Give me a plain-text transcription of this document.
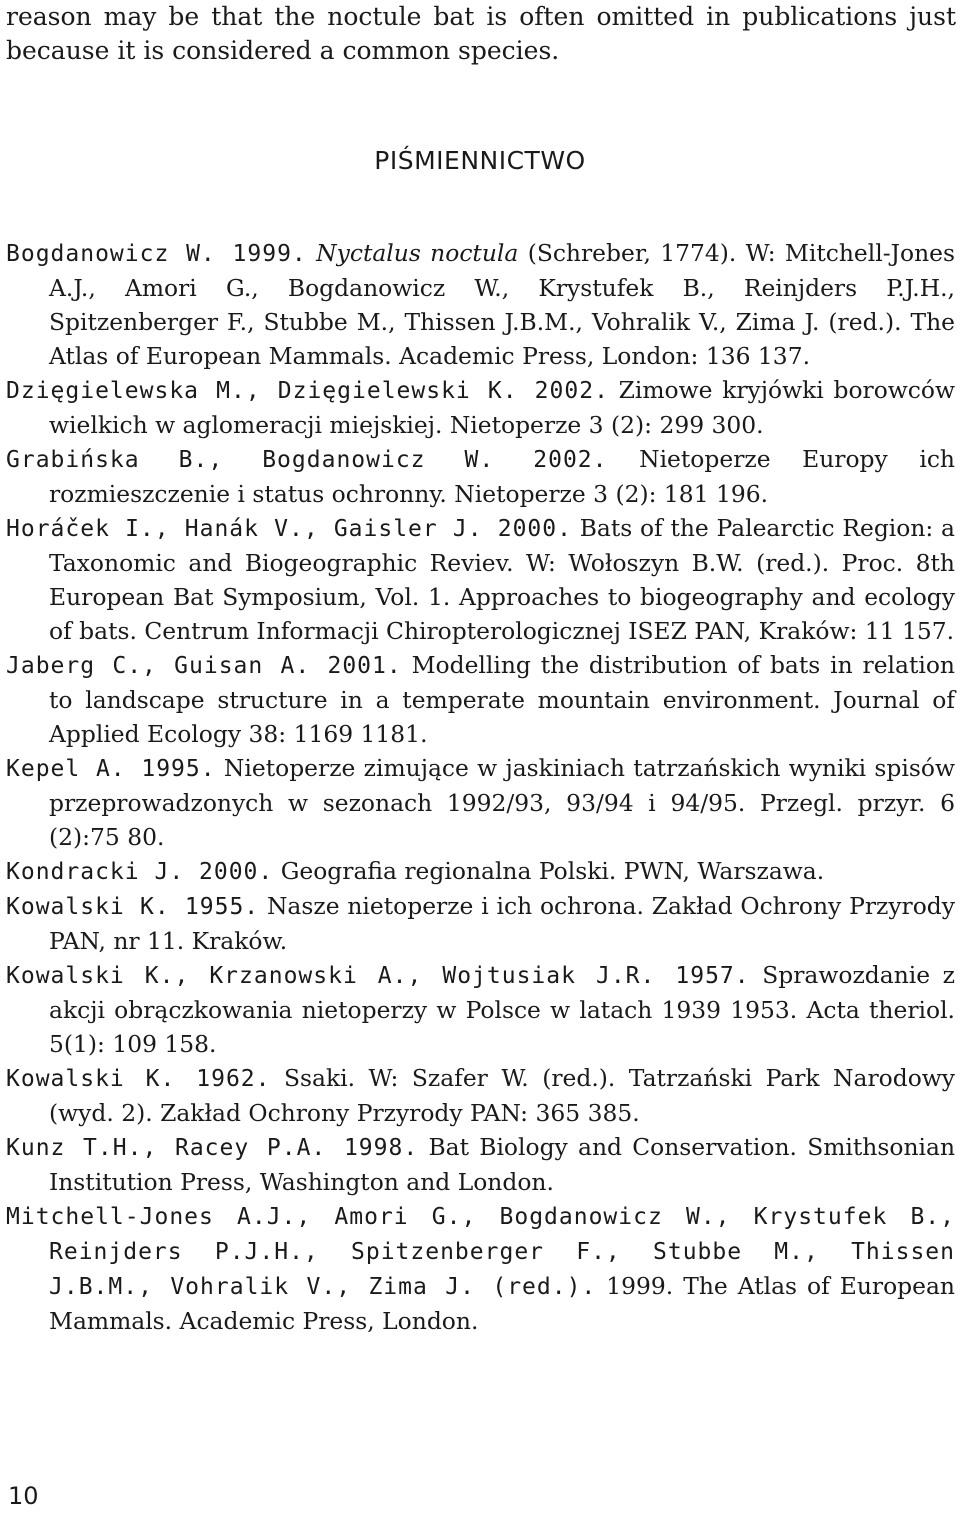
reason may be that the noctule bat is often omitted in publications just because it is considered a common species.

PIŚMIENNICTWO

Bogdanowicz W. 1999. Nyctalus noctula (Schreber, 1774). W: Mitchell-Jones A.J., Amori G., Bogdanowicz W., Krystufek B., Reinjders P.J.H., Spitzenberger F., Stubbe M., Thissen J.B.M., Vohralik V., Zima J. (red.). The Atlas of European Mammals. Academic Press, London: 136 137.

Dzięgielewska M., Dzięgielewski K. 2002. Zimowe kryjówki borowców wielkich w aglomeracji miejskiej. Nietoperze 3 (2): 299 300.

Grabińska B., Bogdanowicz W. 2002. Nietoperze Europy ich rozmieszczenie i status ochronny. Nietoperze 3 (2): 181 196.

Horáček I., Hanák V., Gaisler J. 2000. Bats of the Palearctic Region: a Taxonomic and Biogeographic Reviev. W: Wołoszyn B.W. (red.). Proc. 8th European Bat Symposium, Vol. 1. Approaches to biogeography and ecology of bats. Centrum Informacji Chiropterologicznej ISEZ PAN, Kraków: 11 157.

Jaberg C., Guisan A. 2001. Modelling the distribution of bats in relation to landscape structure in a temperate mountain environment. Journal of Applied Ecology 38: 1169 1181.

Kepel A. 1995. Nietoperze zimujące w jaskiniach tatrzańskich wyniki spisów przeprowadzonych w sezonach 1992/93, 93/94 i 94/95. Przegl. przyr. 6 (2):75 80.

Kondracki J. 2000. Geografia regionalna Polski. PWN, Warszawa.

Kowalski K. 1955. Nasze nietoperze i ich ochrona. Zakład Ochrony Przyrody PAN, nr 11. Kraków.

Kowalski K., Krzanowski A., Wojtusiak J.R. 1957. Sprawozdanie z akcji obrączkowania nietoperzy w Polsce w latach 1939 1953. Acta theriol. 5(1): 109 158.

Kowalski K. 1962. Ssaki. W: Szafer W. (red.). Tatrzański Park Narodowy (wyd. 2). Zakład Ochrony Przyrody PAN: 365 385.

Kunz T.H., Racey P.A. 1998. Bat Biology and Conservation. Smithsonian Institution Press, Washington and London.

Mitchell-Jones A.J., Amori G., Bogdanowicz W., Krystufek B., Reinjders P.J.H., Spitzenberger F., Stubbe M., Thissen J.B.M., Vohralik V., Zima J. (red.). 1999. The Atlas of European Mammals. Academic Press, London.

10
